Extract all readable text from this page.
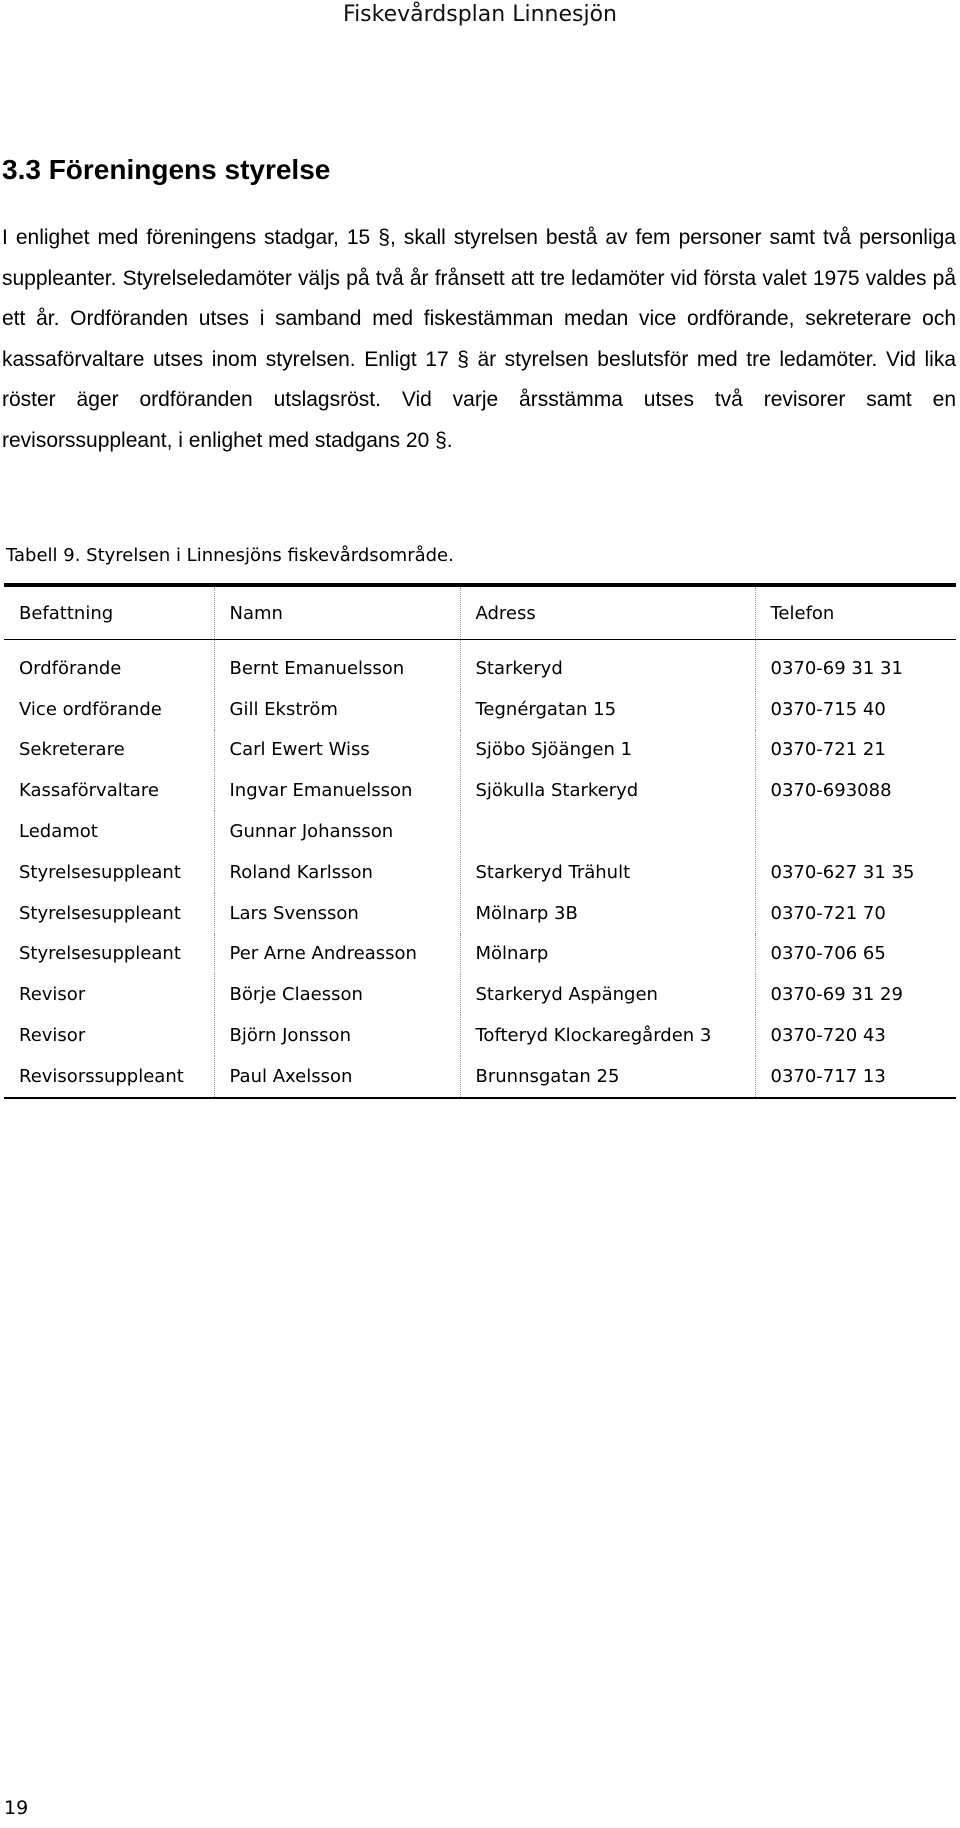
Fiskevårdsplan Linnesjön
3.3 Föreningens styrelse

I enlighet med föreningens stadgar, 15 §, skall styrelsen bestå av fem personer samt två personliga suppleanter. Styrelseledamöter väljs på två år frånsett att tre ledamöter vid första valet 1975 valdes på ett år. Ordföranden utses i samband med fiskestämman medan vice ordförande, sekreterare och kassaförvaltare utses inom styrelsen. Enligt 17 § är styrelsen beslutsför med tre ledamöter. Vid lika röster äger ordföranden utslagsröst. Vid varje årsstämma utses två revisorer samt en revisorssuppleant, i enlighet med stadgans 20 §.

Tabell 9. Styrelsen i Linnesjöns fiskevårdsområde.

Befattning	Namn	Adress	Telefon
Ordförande	Bernt Emanuelsson	Starkeryd	0370-69 31 31
Vice ordförande	Gill Ekström	Tegnérgatan 15	0370-715 40
Sekreterare	Carl Ewert Wiss	Sjöbo Sjöängen 1	0370-721 21
Kassaförvaltare	Ingvar Emanuelsson	Sjökulla Starkeryd	0370-693088
Ledamot	Gunnar Johansson		
Styrelsesuppleant	Roland Karlsson	Starkeryd Trähult	0370-627 31 35
Styrelsesuppleant	Lars Svensson	Mölnarp 3B	0370-721 70
Styrelsesuppleant	Per Arne Andreasson	Mölnarp	0370-706 65
Revisor	Börje Claesson	Starkeryd Aspängen	0370-69 31 29
Revisor	Björn Jonsson	Tofteryd Klockaregården 3	0370-720 43
Revisorssuppleant	Paul Axelsson	Brunnsgatan 25	0370-717 13
19
